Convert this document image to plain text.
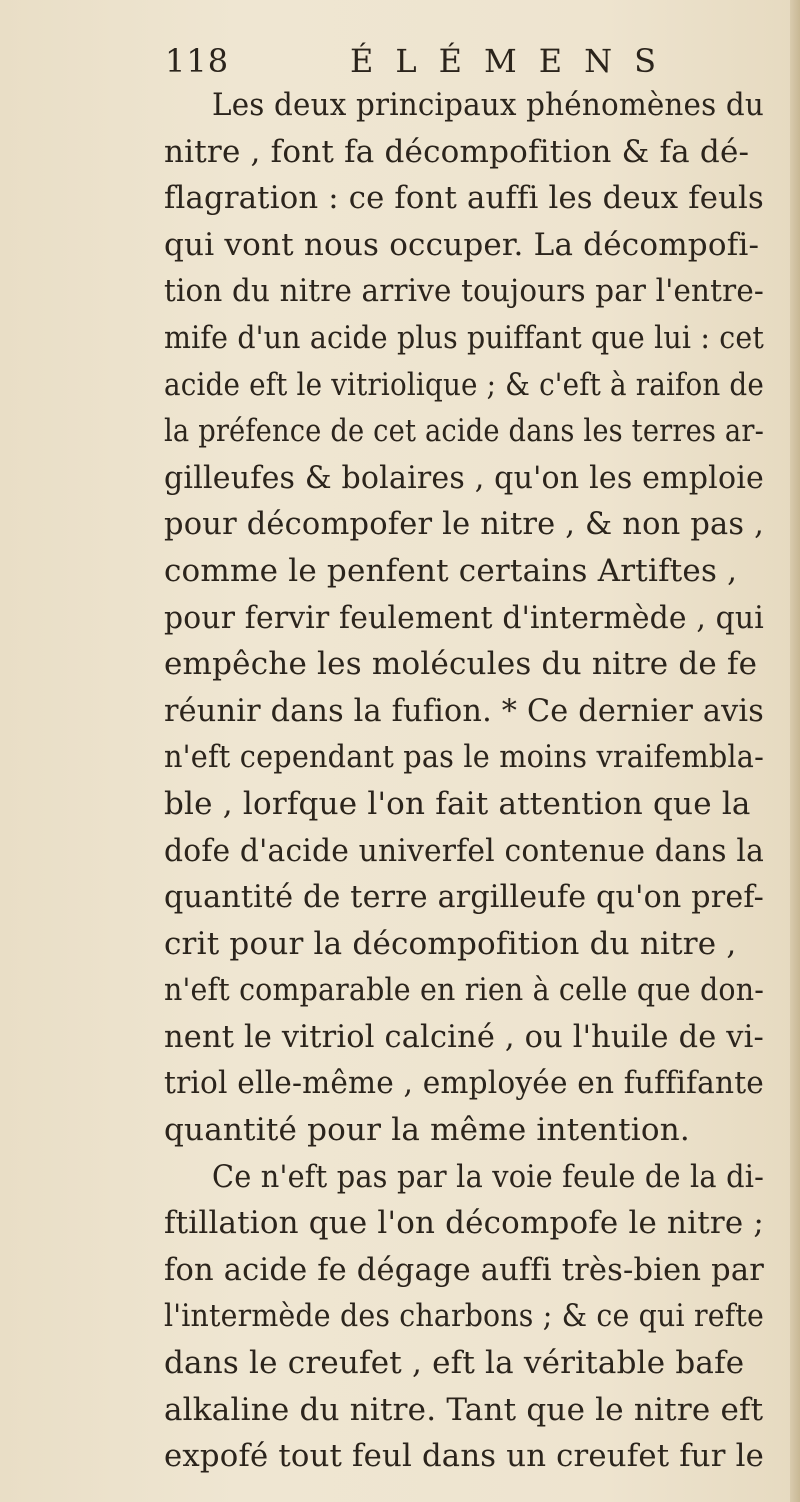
118	ÉLÉMENS
Les deux principaux phénomènes du
nitre , font fa décompofition & fa dé-
flagration : ce font auffi les deux feuls
qui vont nous occuper. La décompofi-
tion du nitre arrive toujours par l'entre-
mife d'un acide plus puiffant que lui : cet
acide eft le vitriolique ; & c'eft à raifon de
la préfence de cet acide dans les terres ar-
gilleufes & bolaires , qu'on les emploie
pour décompofer le nitre , & non pas ,
comme le penfent certains Artiftes ,
pour fervir feulement d'intermède , qui
empêche les molécules du nitre de fe
réunir dans la fufion. * Ce dernier avis
n'eft cependant pas le moins vraifembla-
ble , lorfque l'on fait attention que la
dofe d'acide univerfel contenue dans la
quantité de terre argilleufe qu'on pref-
crit pour la décompofition du nitre ,
n'eft comparable en rien à celle que don-
nent le vitriol calciné , ou l'huile de vi-
triol elle-même , employée en fuffifante
quantité pour la même intention.
Ce n'eft pas par la voie feule de la di-
ftillation que l'on décompofe le nitre ;
fon acide fe dégage auffi très-bien par
l'intermède des charbons ; & ce qui refte
dans le creufet , eft la véritable bafe
alkaline du nitre. Tant que le nitre eft
expofé tout feul dans un creufet fur le
